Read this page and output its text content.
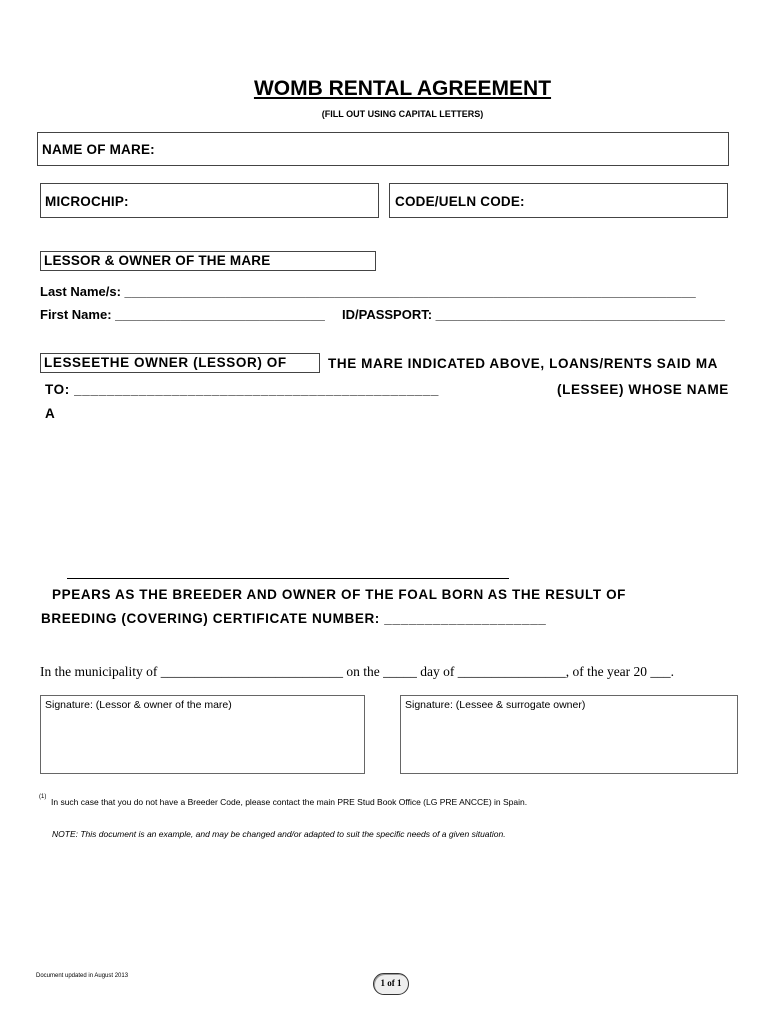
WOMB RENTAL AGREEMENT
(FILL OUT USING CAPITAL LETTERS)
NAME OF MARE:
MICROCHIP:	CODE/UELN CODE:
LESSOR & OWNER OF THE MARE
Last Name/s: _______________________________________________________________________________
First Name: _____________________________ ID/PASSPORT: ________________________________________
LESSEETHE OWNER (LESSOR) OF	THE MARE INDICATED ABOVE, LOANS/RENTS SAID MA
TO: _____________________________________________	(LESSEE) WHOSE NAME
A
PPEARS AS THE BREEDER AND OWNER OF THE FOAL BORN AS THE RESULT OF
BREEDING (COVERING) CERTIFICATE NUMBER: ____________________
In the municipality of ___________________________ on the _____ day of ________________, of the year 20 ___.
Signature: (Lessor & owner of the mare)	Signature: (Lessee & surrogate owner)
(1) In such case that you do not have a Breeder Code, please contact the main PRE Stud Book Office (LG PRE ANCCE) in Spain.
NOTE: This document is an example, and may be changed and/or adapted to suit the specific needs of a given situation.
Document updated in August 2013
1 of 1
